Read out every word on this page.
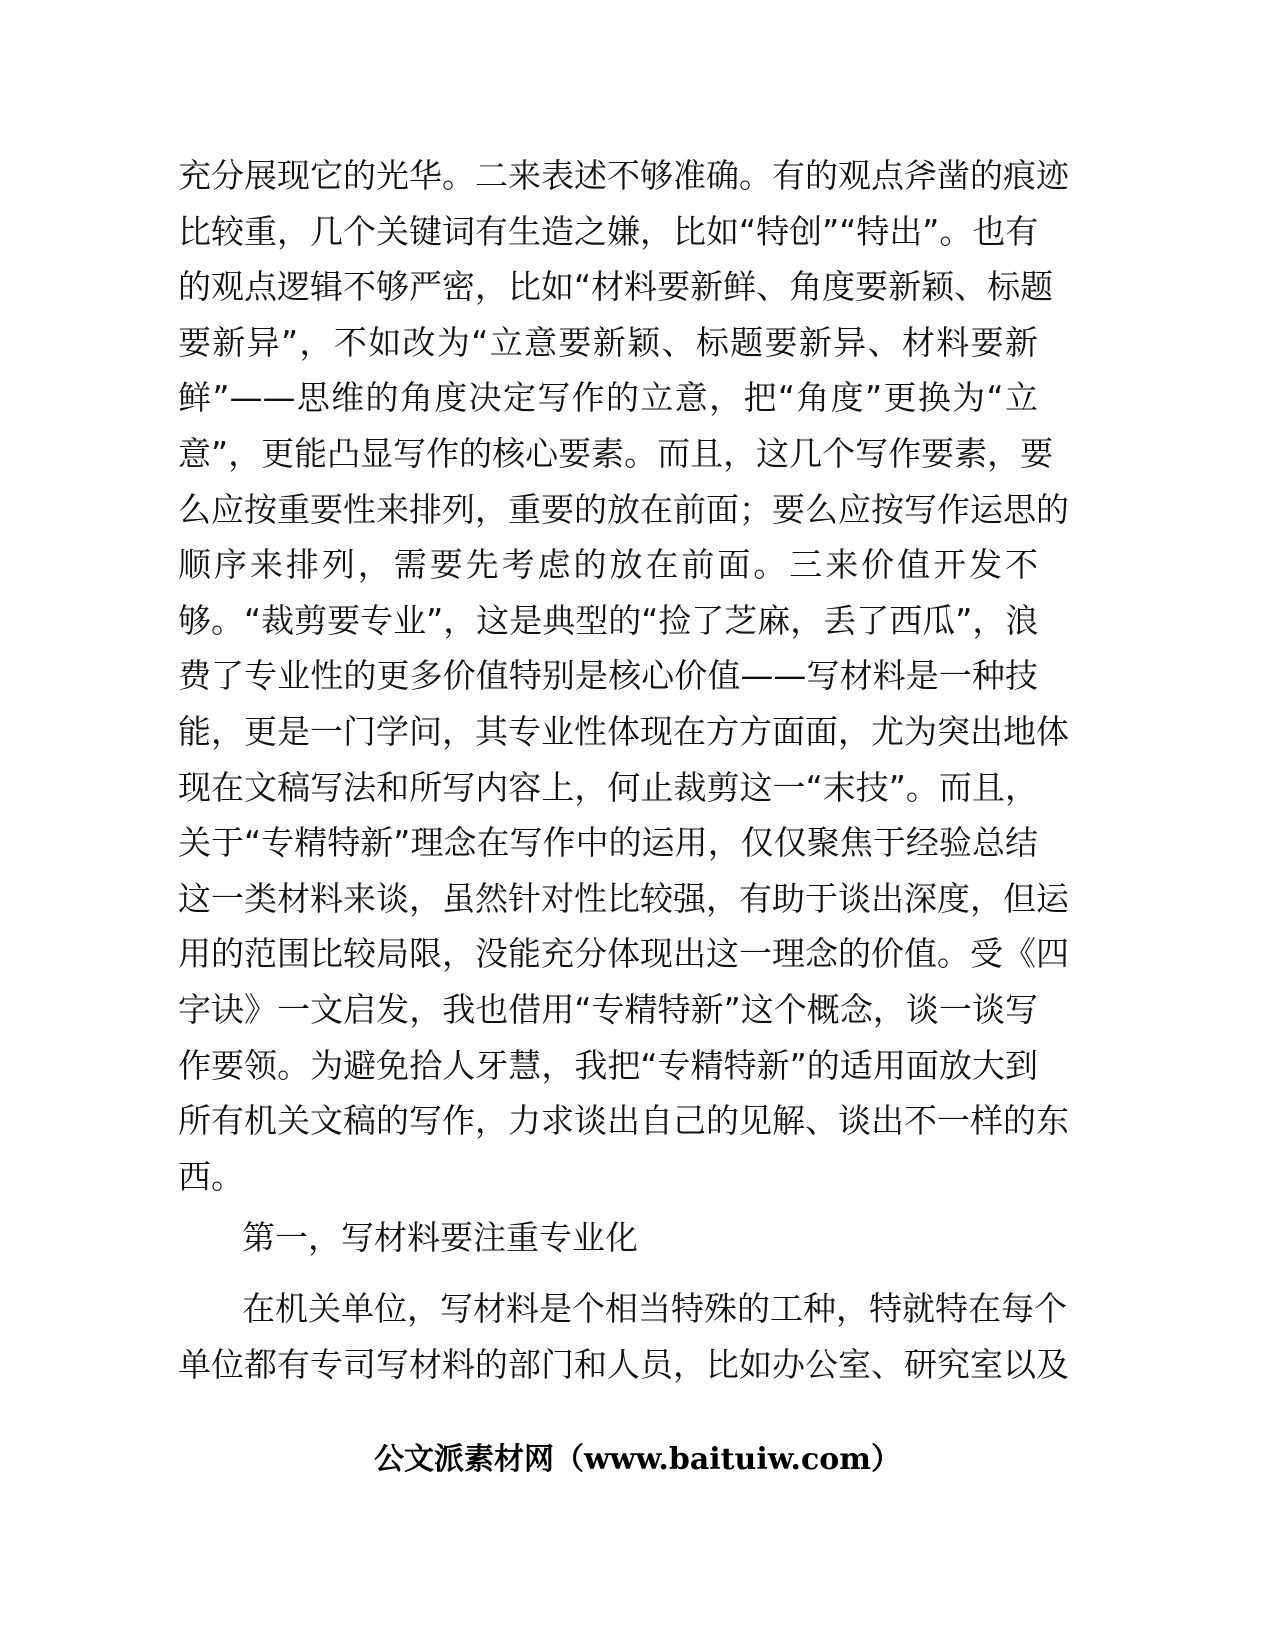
充分展现它的光华。二来表述不够准确。有的观点斧凿的痕迹
比较重，几个关键词有生造之嫌，比如“特创”“特出”。也有
的观点逻辑不够严密，比如“材料要新鲜、角度要新颖、标题
要新异”，不如改为“立意要新颖、标题要新异、材料要新
鲜”——思维的角度决定写作的立意，把“角度”更换为“立
意”，更能凸显写作的核心要素。而且，这几个写作要素，要
么应按重要性来排列，重要的放在前面；要么应按写作运思的
顺序来排列，需要先考虑的放在前面。三来价值开发不
够。“裁剪要专业”，这是典型的“捡了芝麻，丢了西瓜”，浪
费了专业性的更多价值特别是核心价值——写材料是一种技
能，更是一门学问，其专业性体现在方方面面，尤为突出地体
现在文稿写法和所写内容上，何止裁剪这一“末技”。而且，
关于“专精特新”理念在写作中的运用，仅仅聚焦于经验总结
这一类材料来谈，虽然针对性比较强，有助于谈出深度，但运
用的范围比较局限，没能充分体现出这一理念的价值。受《四
字诀》一文启发，我也借用“专精特新”这个概念，谈一谈写
作要领。为避免拾人牙慧，我把“专精特新”的适用面放大到
所有机关文稿的写作，力求谈出自己的见解、谈出不一样的东
西。
第一，写材料要注重专业化
在机关单位，写材料是个相当特殊的工种，特就特在每个
单位都有专司写材料的部门和人员，比如办公室、研究室以及
公文派素材网（www.baituiw.com）
